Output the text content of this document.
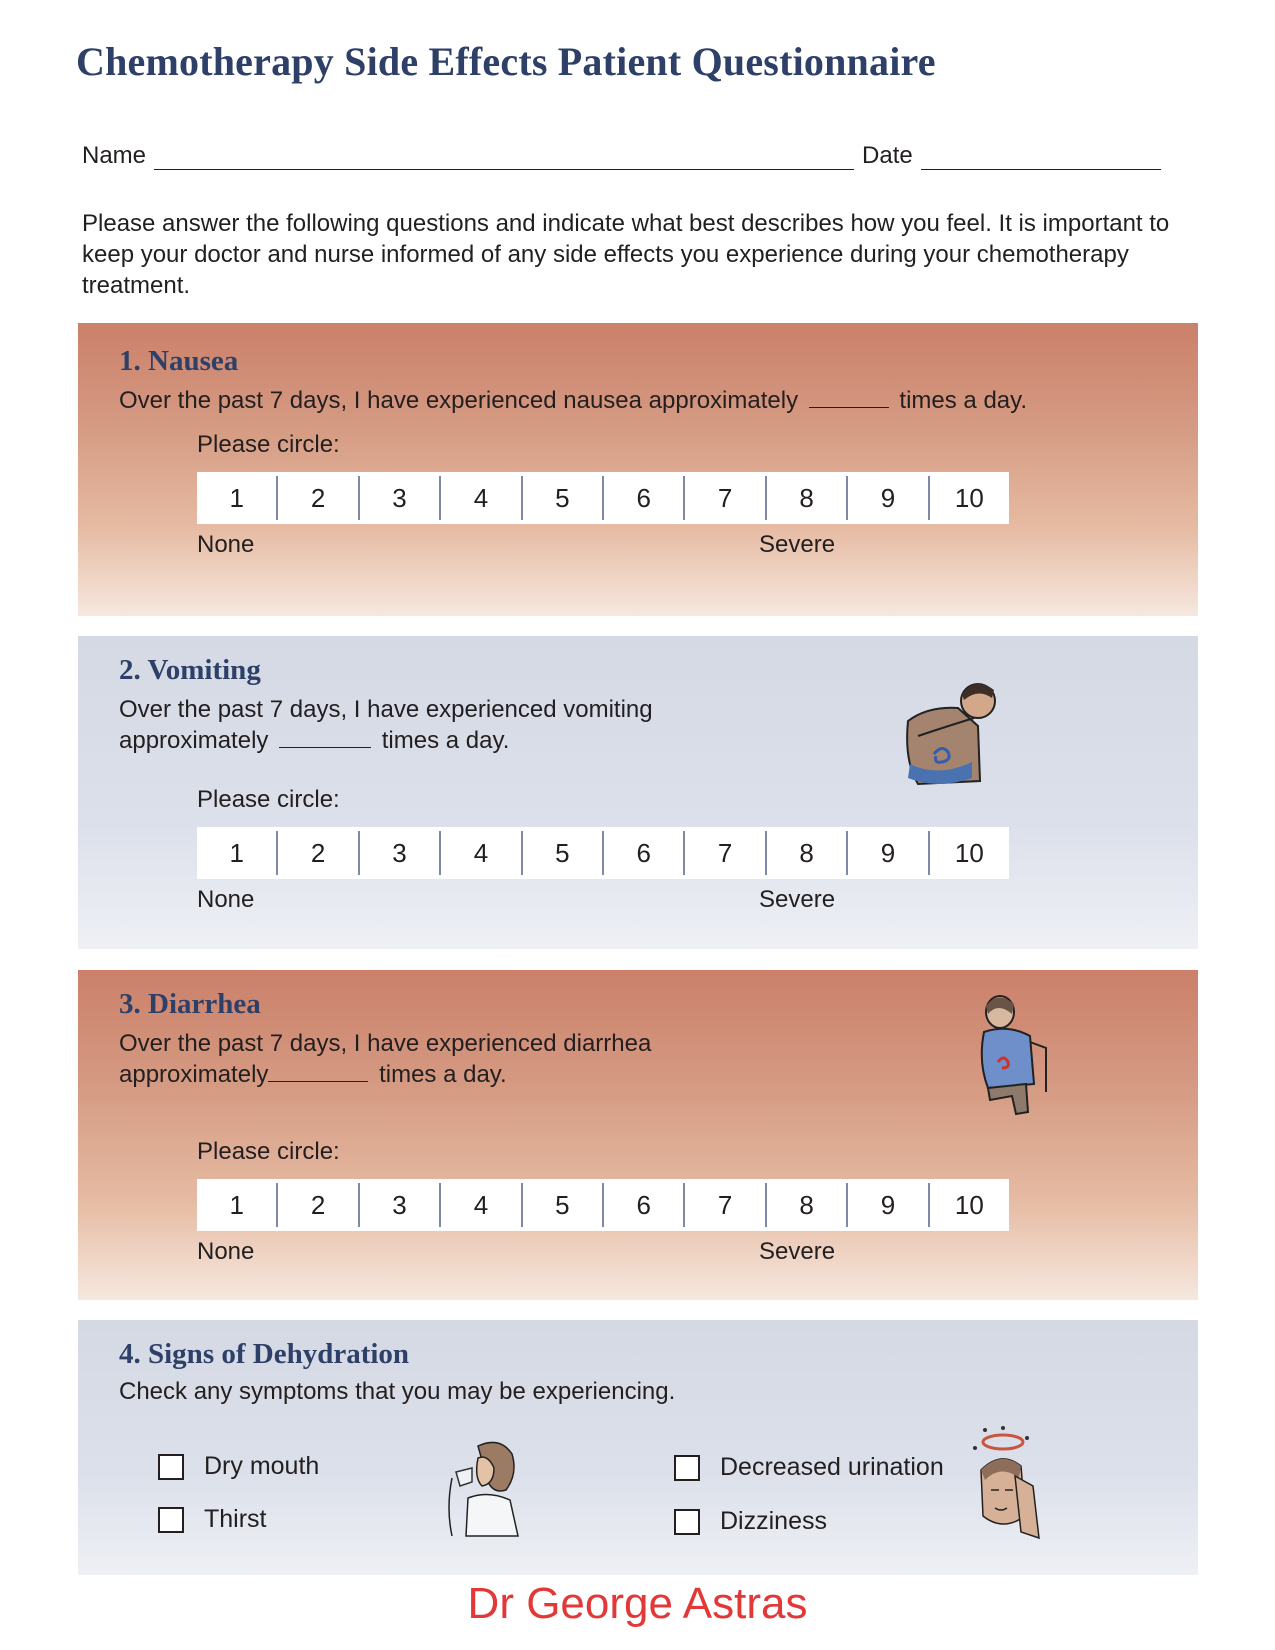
Chemotherapy Side Effects Patient Questionnaire
Name	Date
Please answer the following questions and indicate what best describes how you feel. It is important to keep your doctor and nurse informed of any side effects you experience during your chemotherapy treatment.
1. Nausea
Over the past 7 days, I have experienced nausea approximately	times a day.
Please circle:
1	2	3	4	5	6	7	8	9	10
None	Severe
2. Vomiting
Over the past 7 days, I have experienced vomiting
approximately	times a day.
Please circle:
1	2	3	4	5	6	7	8	9	10
None	Severe
3. Diarrhea
Over the past 7 days, I have experienced diarrhea
approximately	times a day.
Please circle:
1	2	3	4	5	6	7	8	9	10
None	Severe
4. Signs of Dehydration
Check any symptoms that you may be experiencing.
Dry mouth
Thirst
Decreased urination
Dizziness
Dr George Astras
